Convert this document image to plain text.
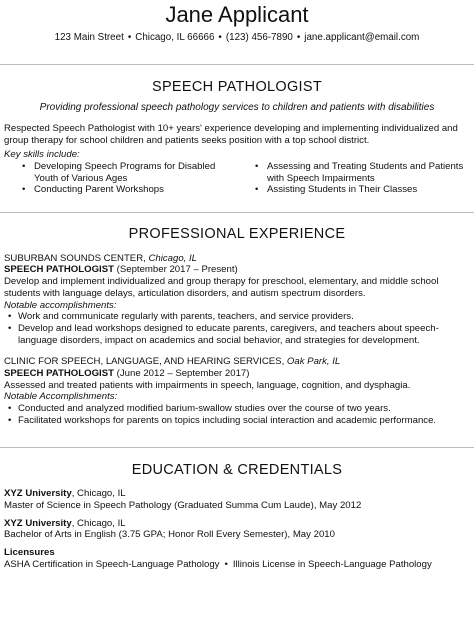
Jane Applicant
123 Main Street • Chicago, IL 66666 • (123) 456-7890 • jane.applicant@email.com
SPEECH PATHOLOGIST
Providing professional speech pathology services to children and patients with disabilities

Respected Speech Pathologist with 10+ years' experience developing and implementing individualized and group therapy for school children and patients seeks position with a top school district.

Key skills include:

• Developing Speech Programs for Disabled Youth of Various Ages
• Conducting Parent Workshops
• Assessing and Treating Students and Patients with Speech Impairments
• Assisting Students in Their Classes
PROFESSIONAL EXPERIENCE

SUBURBAN SOUNDS CENTER, Chicago, IL

SPEECH PATHOLOGIST (September 2017 – Present)

Develop and implement individualized and group therapy for preschool, elementary, and middle school students with language delays, articulation disorders, and autism spectrum disorders.

Notable accomplishments:

• Work and communicate regularly with parents, teachers, and service providers.
• Develop and lead workshops designed to educate parents, caregivers, and teachers about speech-language disorders, impact on academics and social behavior, and strategies for development.

CLINIC FOR SPEECH, LANGUAGE, AND HEARING SERVICES, Oak Park, IL

SPEECH PATHOLOGIST (June 2012 – September 2017)

Assessed and treated patients with impairments in speech, language, cognition, and dysphagia.

Notable Accomplishments:

• Conducted and analyzed modified barium-swallow studies over the course of two years.
• Facilitated workshops for parents on topics including social interaction and academic performance.
EDUCATION & CREDENTIALS

XYZ University, Chicago, IL

Master of Science in Speech Pathology (Graduated Summa Cum Laude), May 2012

XYZ University, Chicago, IL

Bachelor of Arts in English (3.75 GPA; Honor Roll Every Semester), May 2010

Licensures

ASHA Certification in Speech-Language Pathology • Illinois License in Speech-Language Pathology
